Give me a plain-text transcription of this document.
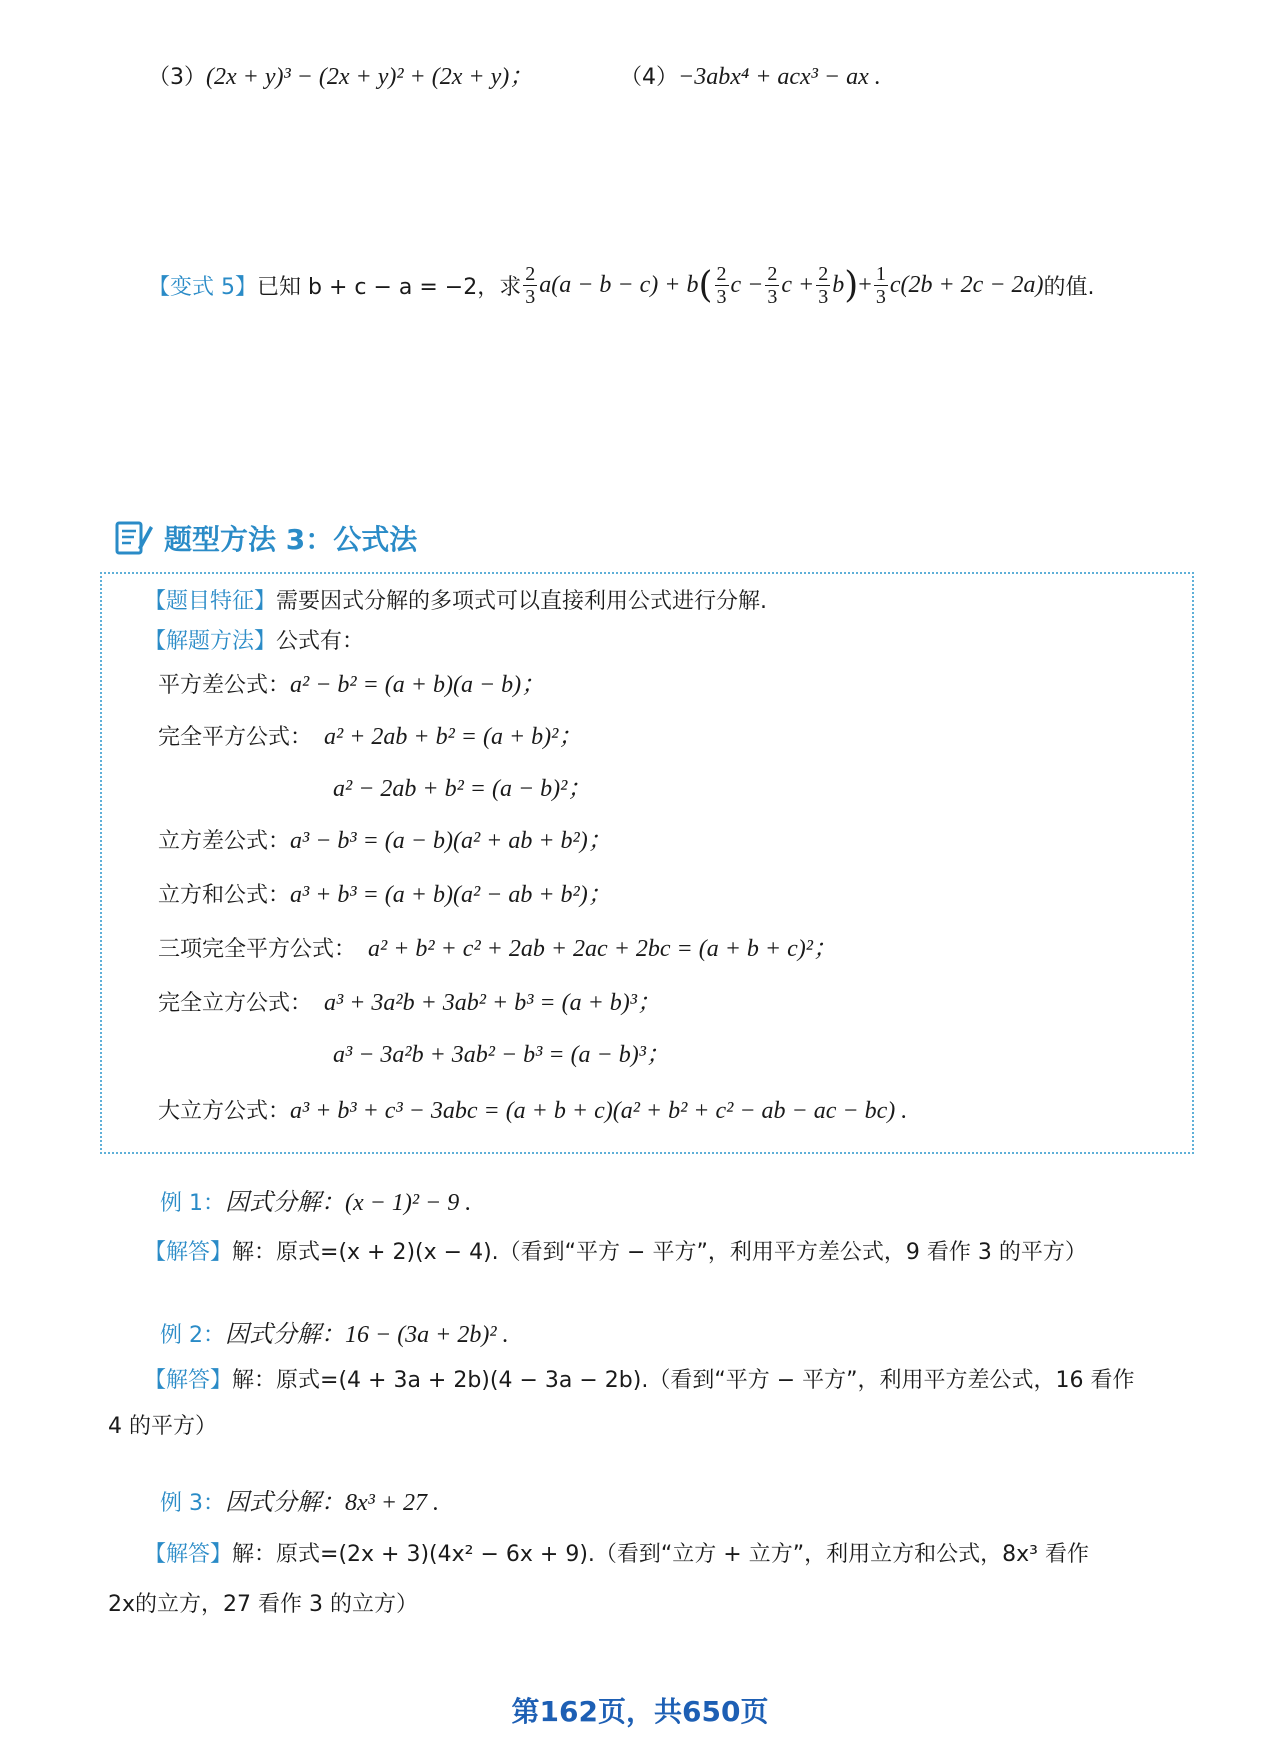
（3）(2x + y)³ − (2x + y)² + (2x + y)；	（4）−3abx⁴ + acx³ − ax .
【变式 5】 已知 b + c − a = −2，求 $\frac{2}{3} a(a - b - c) + b$ ( $\frac{2}{3}$ $c - \frac{2}{3}$ $c + \frac{2}{3}$ b ) + $\frac{1}{3} c(2b + 2c - 2a)$ 的值.
题型方法 3：公式法
【题目特征】需要因式分解的多项式可以直接利用公式进行分解.
【解题方法】公式有：
平方差公式：a² − b² = (a + b)(a − b)；
完全平方公式： a² + 2ab + b² = (a + b)²；
a² − 2ab + b² = (a − b)²；
立方差公式：a³ − b³ = (a − b)(a² + ab + b²)；
立方和公式：a³ + b³ = (a + b)(a² − ab + b²)；
三项完全平方公式： a² + b² + c² + 2ab + 2ac + 2bc = (a + b + c)²；
完全立方公式： a³ + 3a²b + 3ab² + b³ = (a + b)³；
a³ − 3a²b + 3ab² − b³ = (a − b)³；
大立方公式：a³ + b³ + c³ − 3abc = (a + b + c)(a² + b² + c² − ab − ac − bc) .
例 1：因式分解：(x − 1)² − 9 .
【解答】解：原式=(x + 2)(x − 4).（看到“平方 − 平方”，利用平方差公式，9 看作 3 的平方）
例 2：因式分解：16 − (3a + 2b)² .
【解答】解：原式=(4 + 3a + 2b)(4 − 3a − 2b).（看到“平方 − 平方”，利用平方差公式，16 看作
4 的平方）
例 3：因式分解：8x³ + 27 .
【解答】解：原式=(2x + 3)(4x² − 6x + 9).（看到“立方 + 立方”，利用立方和公式，8x³ 看作
2x的立方，27 看作 3 的立方）
第162页，共650页
